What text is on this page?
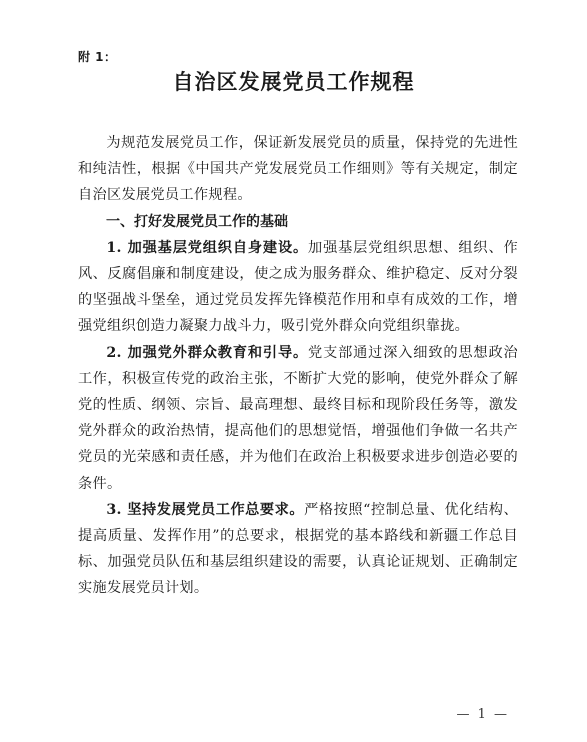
附 1：
自治区发展党员工作规程

为规范发展党员工作，保证新发展党员的质量，保持党的先进性和纯洁性，根据《中国共产党发展党员工作细则》等有关规定，制定自治区发展党员工作规程。

一、打好发展党员工作的基础

1. 加强基层党组织自身建设。加强基层党组织思想、组织、作风、反腐倡廉和制度建设，使之成为服务群众、维护稳定、反对分裂的坚强战斗堡垒，通过党员发挥先锋模范作用和卓有成效的工作，增强党组织创造力凝聚力战斗力，吸引党外群众向党组织靠拢。

2. 加强党外群众教育和引导。党支部通过深入细致的思想政治工作，积极宣传党的政治主张，不断扩大党的影响，使党外群众了解党的性质、纲领、宗旨、最高理想、最终目标和现阶段任务等，激发党外群众的政治热情，提高他们的思想觉悟，增强他们争做一名共产党员的光荣感和责任感，并为他们在政治上积极要求进步创造必要的条件。

3. 坚持发展党员工作总要求。严格按照“控制总量、优化结构、提高质量、发挥作用”的总要求，根据党的基本路线和新疆工作总目标、加强党员队伍和基层组织建设的需要，认真论证规划、正确制定实施发展党员计划。

— 1 —
